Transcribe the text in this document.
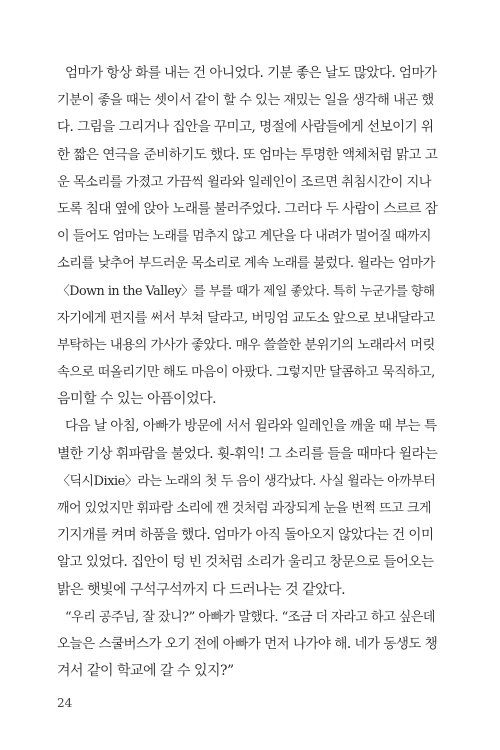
엄마가 항상 화를 내는 건 아니었다. 기분 좋은 날도 많았다. 엄마가
기분이 좋을 때는 셋이서 같이 할 수 있는 재밌는 일을 생각해 내곤 했
다. 그림을 그리거나 집안을 꾸미고, 명절에 사람들에게 선보이기 위
한 짧은 연극을 준비하기도 했다. 또 엄마는 투명한 액체처럼 맑고 고
운 목소리를 가졌고 가끔씩 윌라와 일레인이 조르면 취침시간이 지나
도록 침대 옆에 앉아 노래를 불러주었다. 그러다 두 사람이 스르르 잠
이 들어도 엄마는 노래를 멈추지 않고 계단을 다 내려가 멀어질 때까지
소리를 낮추어 부드러운 목소리로 계속 노래를 불렀다. 윌라는 엄마가
〈Down in the Valley〉를 부를 때가 제일 좋았다. 특히 누군가를 향해
자기에게 편지를 써서 부쳐 달라고, 버밍엄 교도소 앞으로 보내달라고
부탁하는 내용의 가사가 좋았다. 매우 쓸쓸한 분위기의 노래라서 머릿
속으로 떠올리기만 해도 마음이 아팠다. 그렇지만 달콤하고 묵직하고,
음미할 수 있는 아픔이었다.

다음 날 아침, 아빠가 방문에 서서 윌라와 일레인을 깨울 때 부는 특
별한 기상 휘파람을 불었다. 휫-휘익! 그 소리를 들을 때마다 윌라는
〈딕시Dixie〉라는 노래의 첫 두 음이 생각났다. 사실 윌라는 아까부터
깨어 있었지만 휘파람 소리에 깬 것처럼 과장되게 눈을 번쩍 뜨고 크게
기지개를 켜며 하품을 했다. 엄마가 아직 돌아오지 않았다는 건 이미
알고 있었다. 집안이 텅 빈 것처럼 소리가 울리고 창문으로 들어오는
밝은 햇빛에 구석구석까지 다 드러나는 것 같았다.

“우리 공주님, 잘 잤니?” 아빠가 말했다. “조금 더 자라고 하고 싶은데
오늘은 스쿨버스가 오기 전에 아빠가 먼저 나가야 해. 네가 동생도 챙
겨서 같이 학교에 갈 수 있지?”

24
